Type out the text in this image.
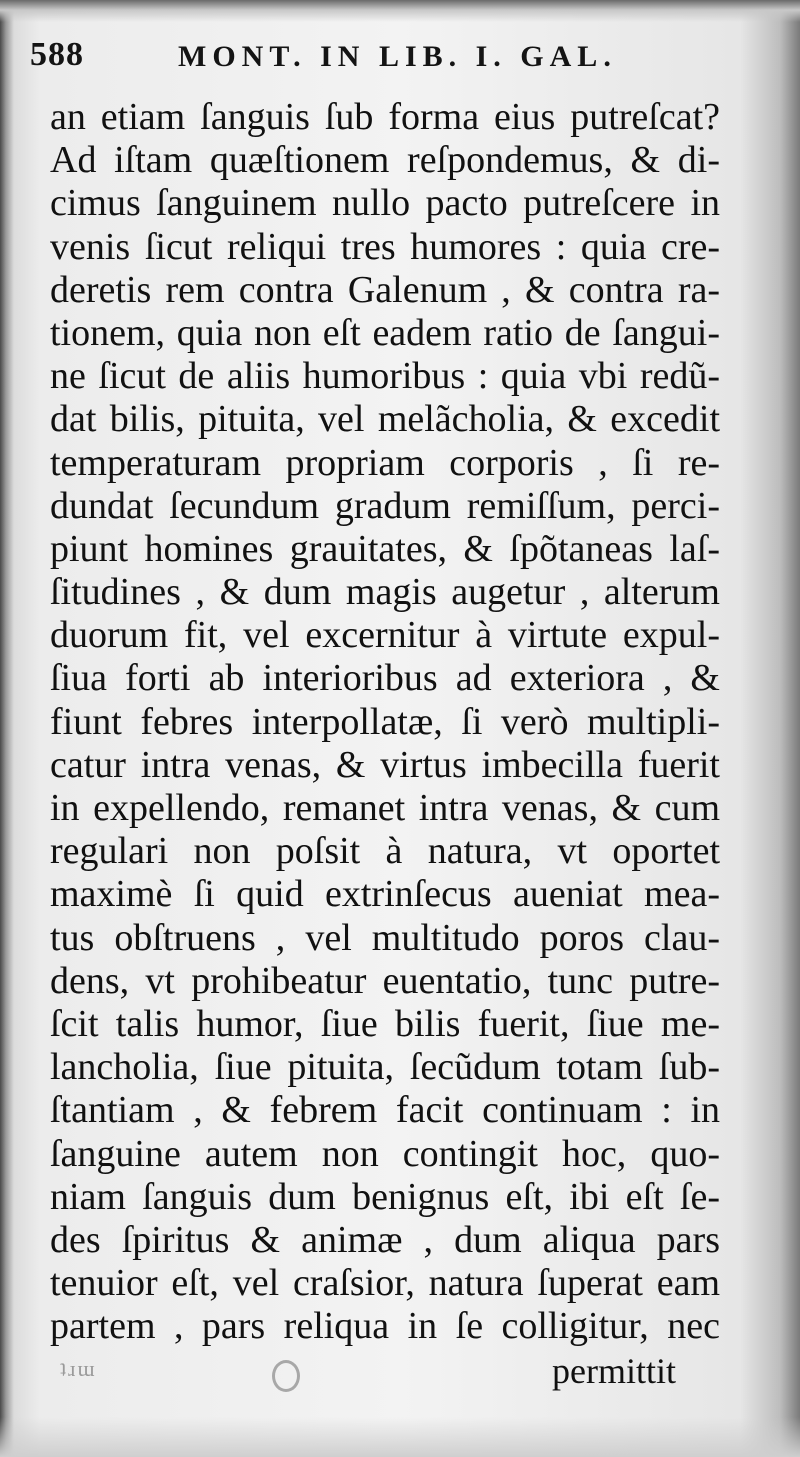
588	MONT. IN LIB. I. GAL.
an etiam ſanguis ſub forma eius putreſcat?
Ad iſtam quæſtionem reſpondemus, & di-
cimus ſanguinem nullo pacto putreſcere in
venis ſicut reliqui tres humores : quia cre-
deretis rem contra Galenum , & contra ra-
tionem, quia non eſt eadem ratio de ſangui-
ne ſicut de aliis humoribus : quia vbi redũ-
dat bilis, pituita, vel melãcholia, & excedit
temperaturam propriam corporis , ſi re-
dundat ſecundum gradum remiſſum, perci-
piunt homines grauitates, & ſpõtaneas laſ-
ſitudines , & dum magis augetur , alterum
duorum fit, vel excernitur à virtute expul-
ſiua forti ab interioribus ad exteriora , &
fiunt febres interpollatæ, ſi verò multipli-
catur intra venas, & virtus imbecilla fuerit
in expellendo, remanet intra venas, & cum
regulari non poſsit à natura, vt oportet
maximè ſi quid extrinſecus aueniat mea-
tus obſtruens , vel multitudo poros clau-
dens, vt prohibeatur euentatio, tunc putre-
ſcit talis humor, ſiue bilis fuerit, ſiue me-
lancholia, ſiue pituita, ſecũdum totam ſub-
ſtantiam , & febrem facit continuam : in
ſanguine autem non contingit hoc, quo-
niam ſanguis dum benignus eſt, ibi eſt ſe-
des ſpiritus & animæ , dum aliqua pars
tenuior eſt, vel craſsior, natura ſuperat eam
partem , pars reliqua in ſe colligitur, nec
ʇɹɯ	permittit
